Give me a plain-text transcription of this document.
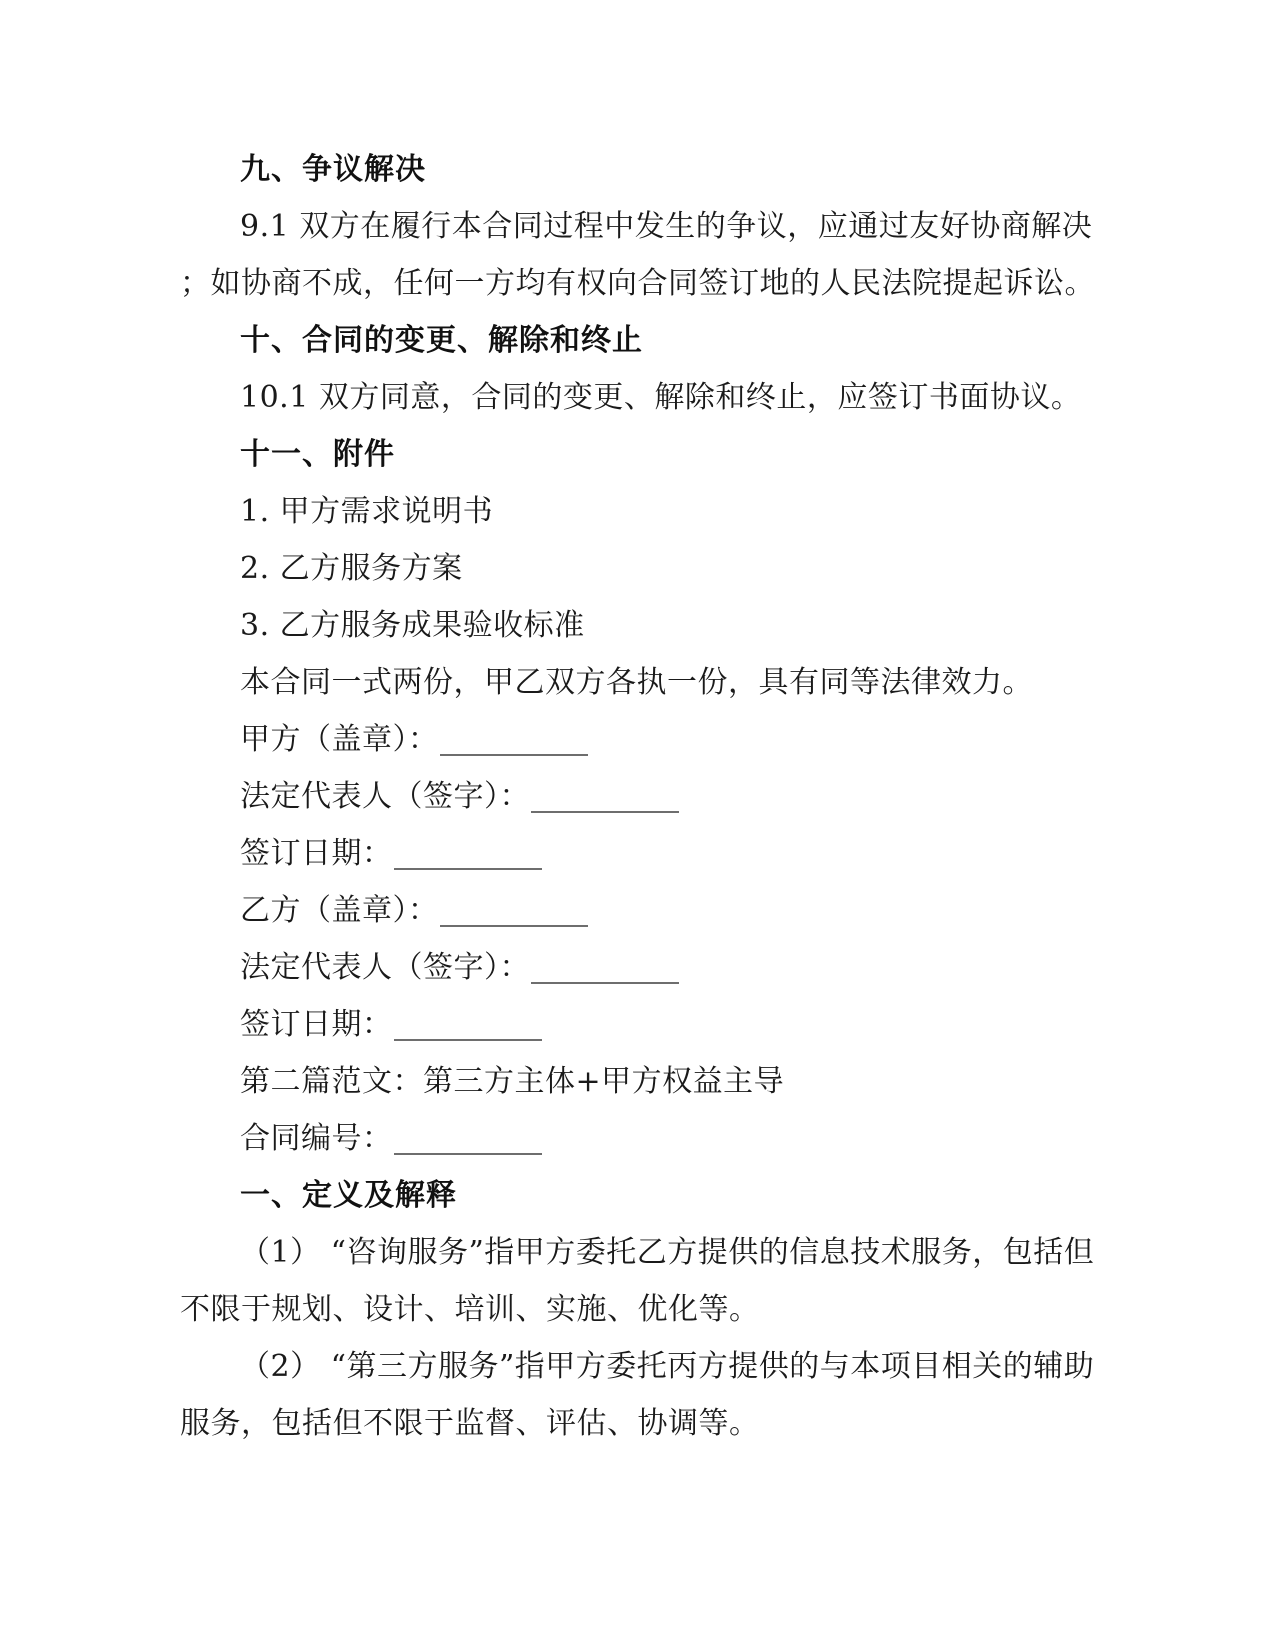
九、争议解决
9.1 双方在履行本合同过程中发生的争议，应通过友好协商解决
；如协商不成，任何一方均有权向合同签订地的人民法院提起诉讼。
十、合同的变更、解除和终止
10.1 双方同意，合同的变更、解除和终止，应签订书面协议。
十一、附件
1. 甲方需求说明书
2. 乙方服务方案
3. 乙方服务成果验收标准
本合同一式两份，甲乙双方各执一份，具有同等法律效力。
甲方（盖章）：
法定代表人（签字）：
签订日期：
乙方（盖章）：
法定代表人（签字）：
签订日期：
第二篇范文：第三方主体+甲方权益主导
合同编号：
一、定义及解释
（1） “咨询服务”指甲方委托乙方提供的信息技术服务，包括但
不限于规划、设计、培训、实施、优化等。
（2） “第三方服务”指甲方委托丙方提供的与本项目相关的辅助
服务，包括但不限于监督、评估、协调等。
